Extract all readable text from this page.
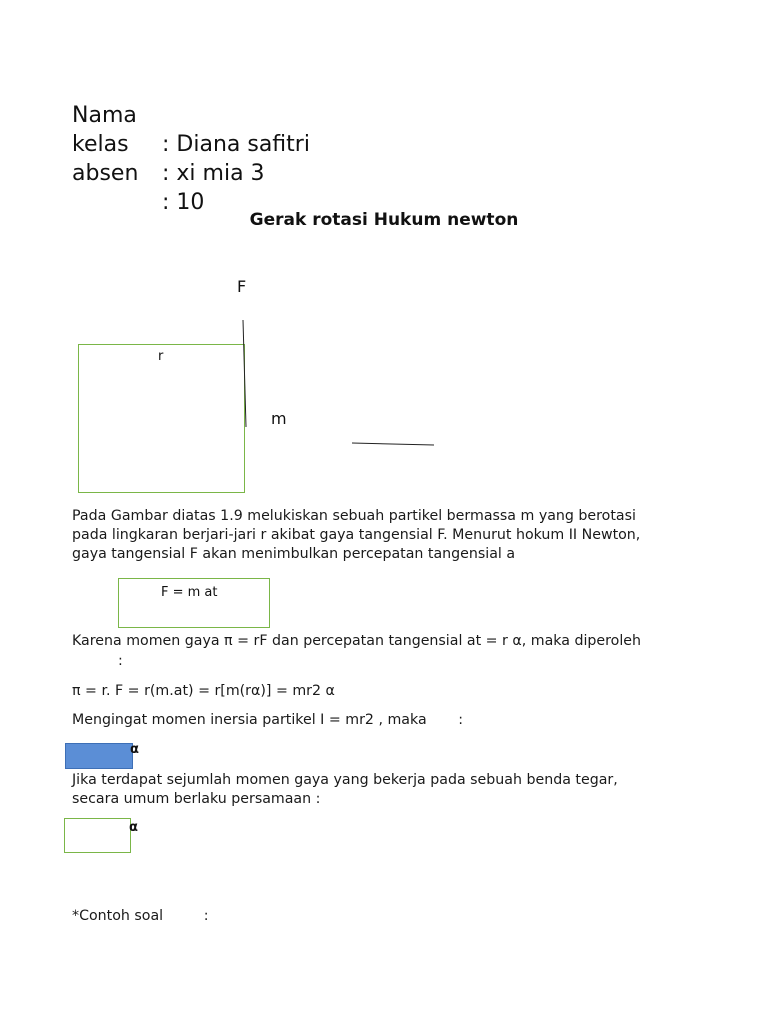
Nama

: Diana safitri

kelas

: xi mia 3

absen

: 10

Gerak rotasi Hukum newton
F
r
m
Pada Gambar diatas 1.9 melukiskan sebuah partikel bermassa m yang berotasi
pada lingkaran berjari-jari r akibat gaya tangensial F. Menurut hokum II Newton,
gaya tangensial F akan menimbulkan percepatan tangensial a
F = m at
Karena momen gaya π = rF dan percepatan tangensial at = r α, maka diperoleh
:
π = r. F = r(m.at) = r[m(rα)] = mr2 α
Mengingat momen inersia partikel I = mr2 , maka       :
α
Jika terdapat sejumlah momen gaya yang bekerja pada sebuah benda tegar,
secara umum berlaku persamaan :
α
*Contoh soal         :
